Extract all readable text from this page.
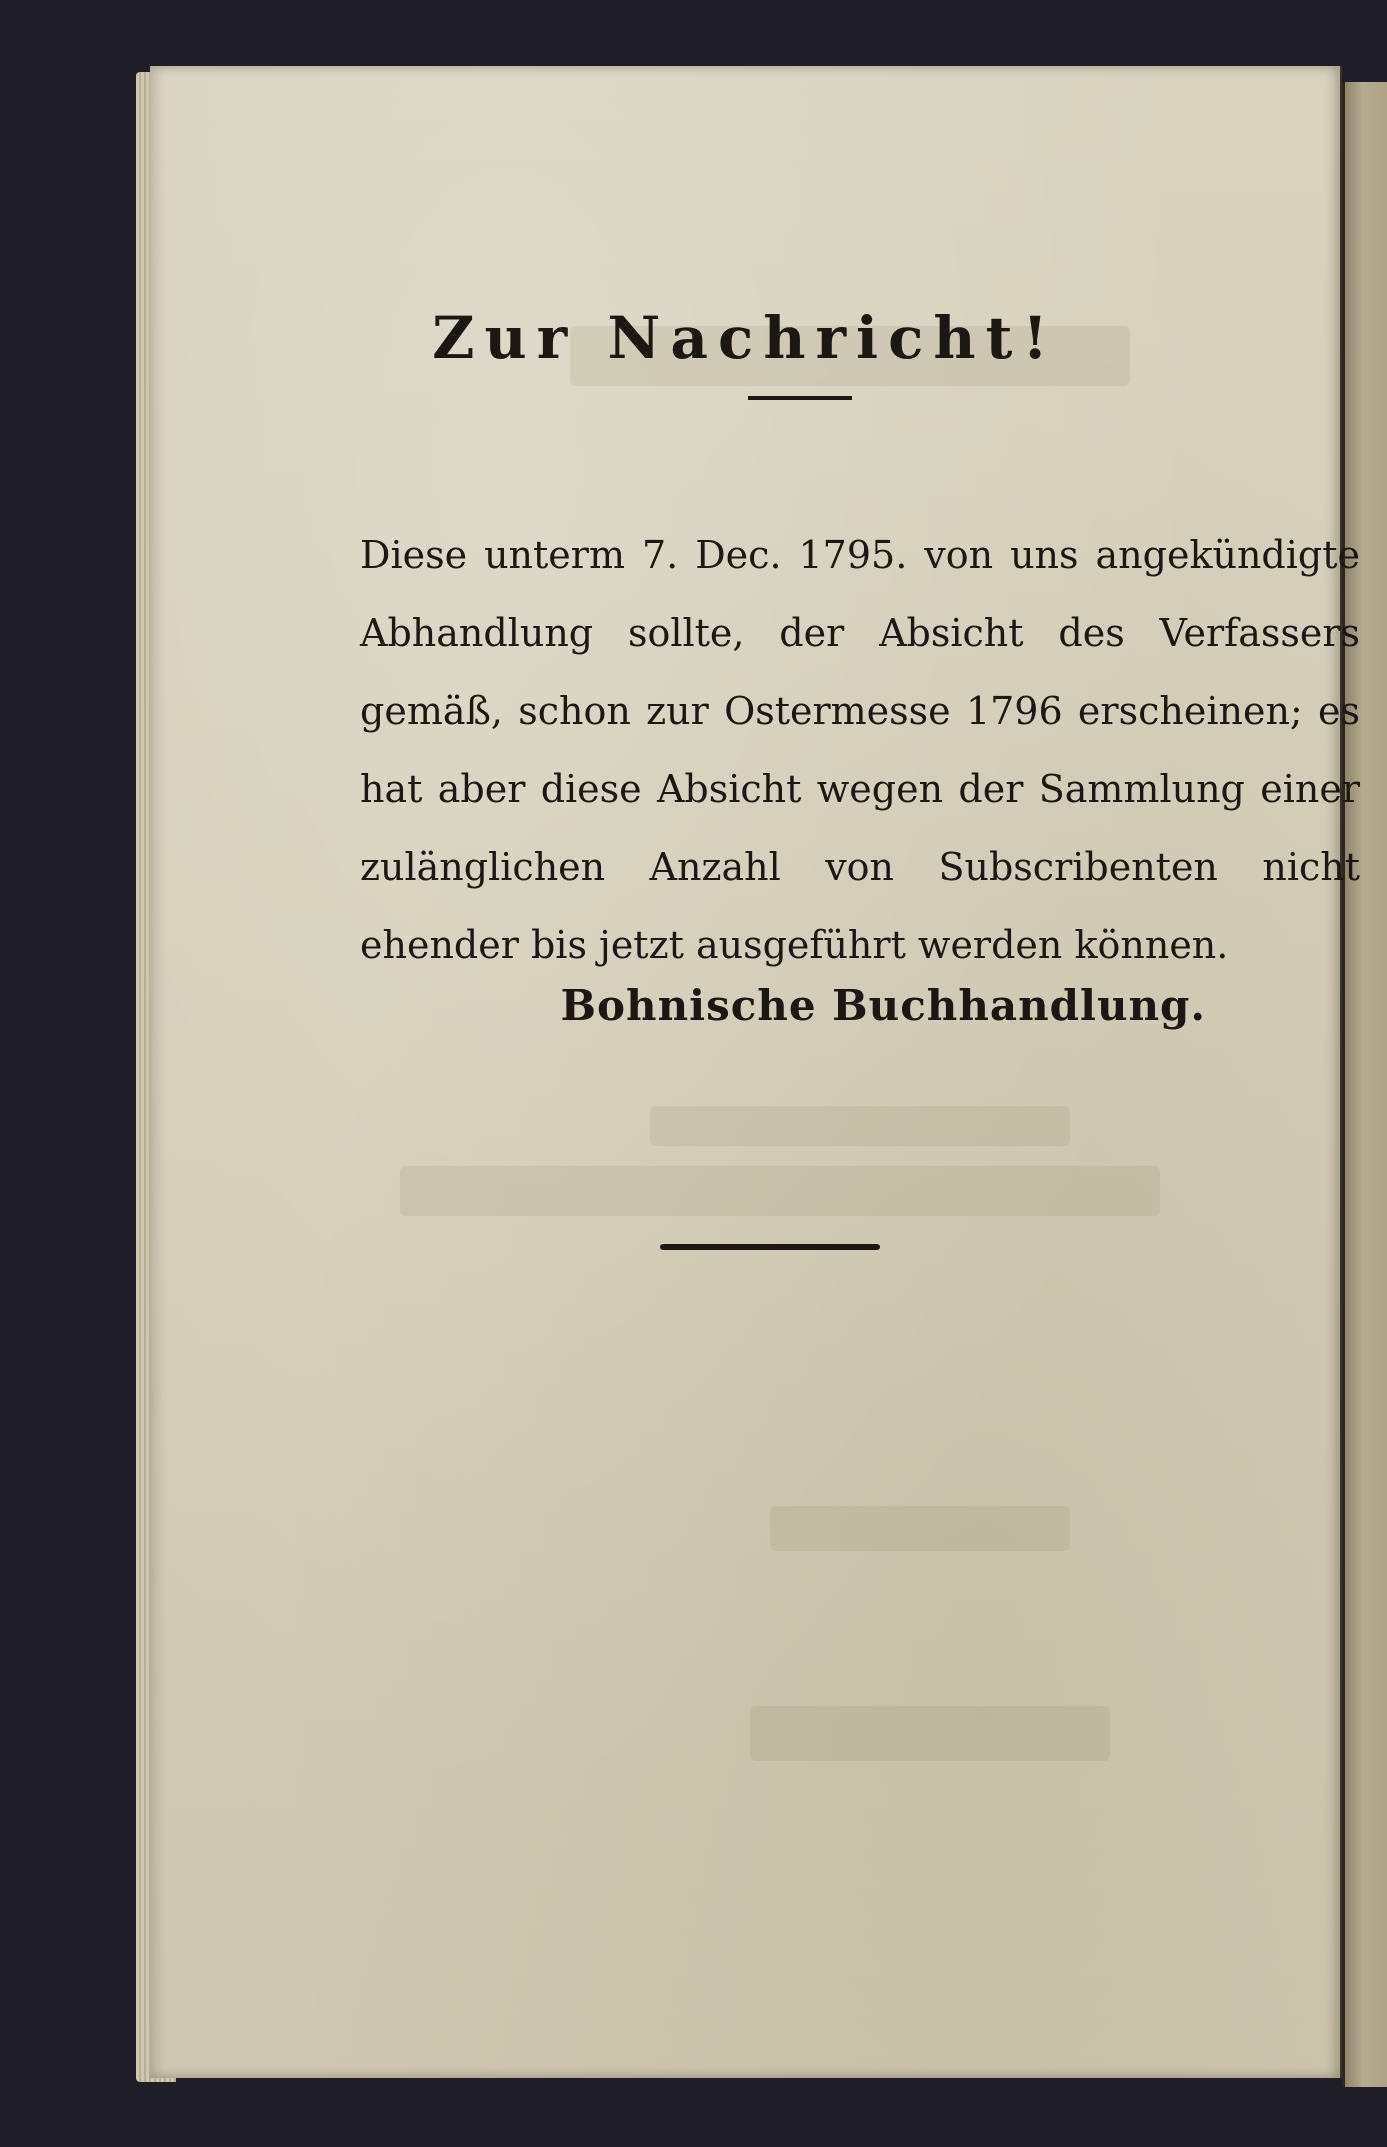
Zur Nachricht!

Diese unterm 7. Dec. 1795. von uns angekündigte Abhandlung sollte, der Absicht des Verfassers gemäß, schon zur Ostermesse 1796 erscheinen; es hat aber diese Absicht wegen der Sammlung einer zulänglichen Anzahl von Subscribenten nicht ehender bis jetzt ausgeführt werden können.

Bohnische Buchhandlung.
